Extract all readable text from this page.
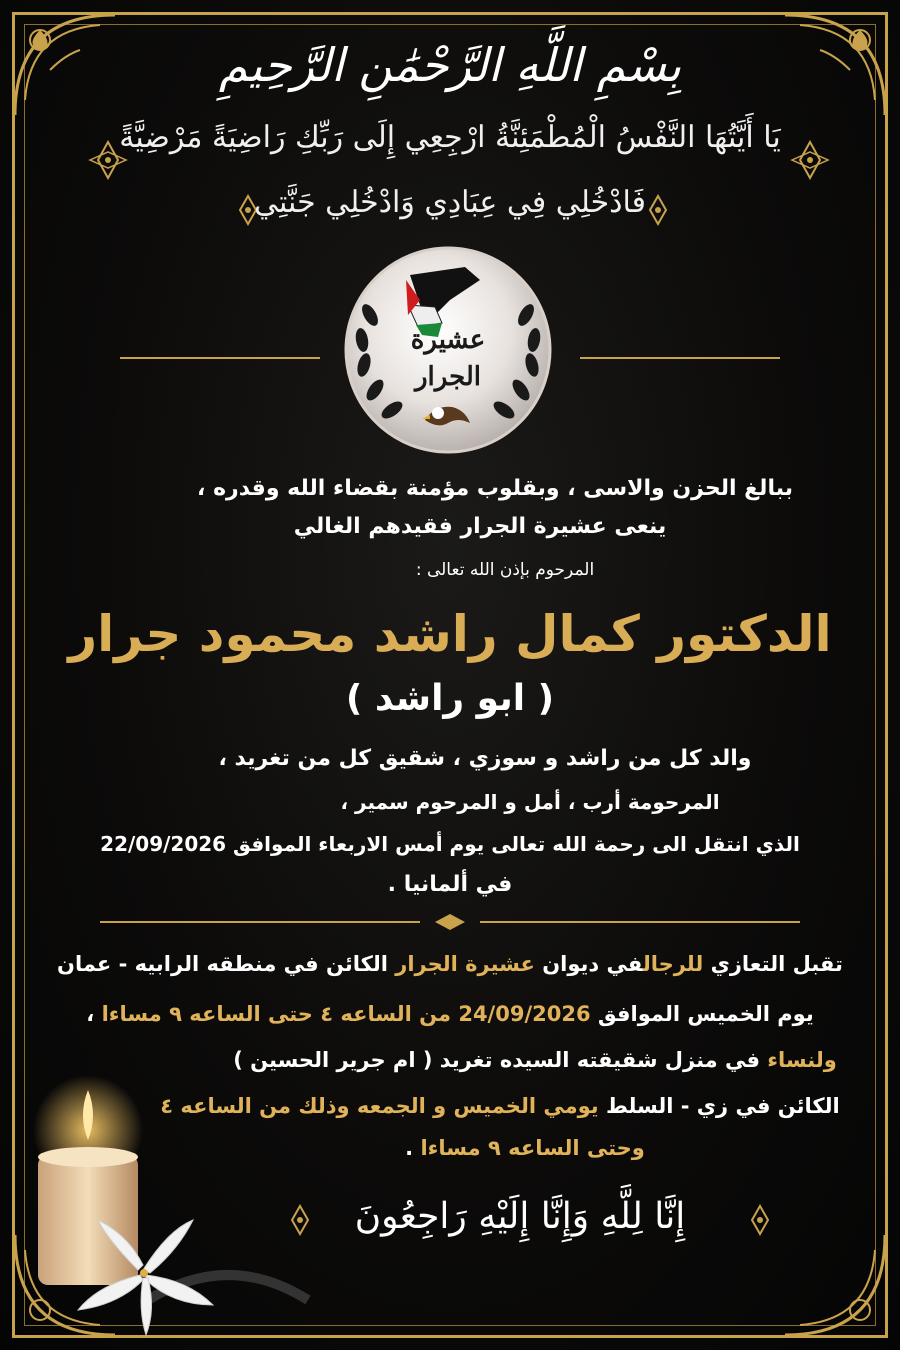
بِسْمِ اللَّهِ الرَّحْمَٰنِ الرَّحِيمِ
يَا أَيَّتُهَا النَّفْسُ الْمُطْمَئِنَّةُ ارْجِعِي إِلَى رَبِّكِ رَاضِيَةً مَرْضِيَّةً
فَادْخُلِي فِي عِبَادِي وَادْخُلِي جَنَّتِي
عشيرة
الجرار
ببالغ الحزن والاسى ، وبقلوب مؤمنة بقضاء الله وقدره ،
ينعى عشيرة الجرار فقيدهم الغالي
المرحوم بإذن الله تعالى :
الدكتور كمال راشد محمود جرار
( ابو راشد )
والد كل من راشد و سوزي ، شقيق كل من تغريد ،
المرحومة أرب ، أمل و المرحوم سمير ،
الذي انتقل الى رحمة الله تعالى يوم أمس الاربعاء الموافق 22/09/2026
في ألمانيا .
تقبل التعازي للرجالفي ديوان عشيرة الجرار الكائن في منطقه الرابيه - عمان
يوم الخميس الموافق 24/09/2026 من الساعه ٤ حتى الساعه ٩ مساءا ،
ولنساء في منزل شقيقته السيده تغريد ( ام جرير الحسين )
الكائن في زي - السلط يومي الخميس و الجمعه وذلك من الساعه ٤
وحتى الساعه ٩ مساءا .
إِنَّا لِلَّهِ وَإِنَّا إِلَيْهِ رَاجِعُونَ
